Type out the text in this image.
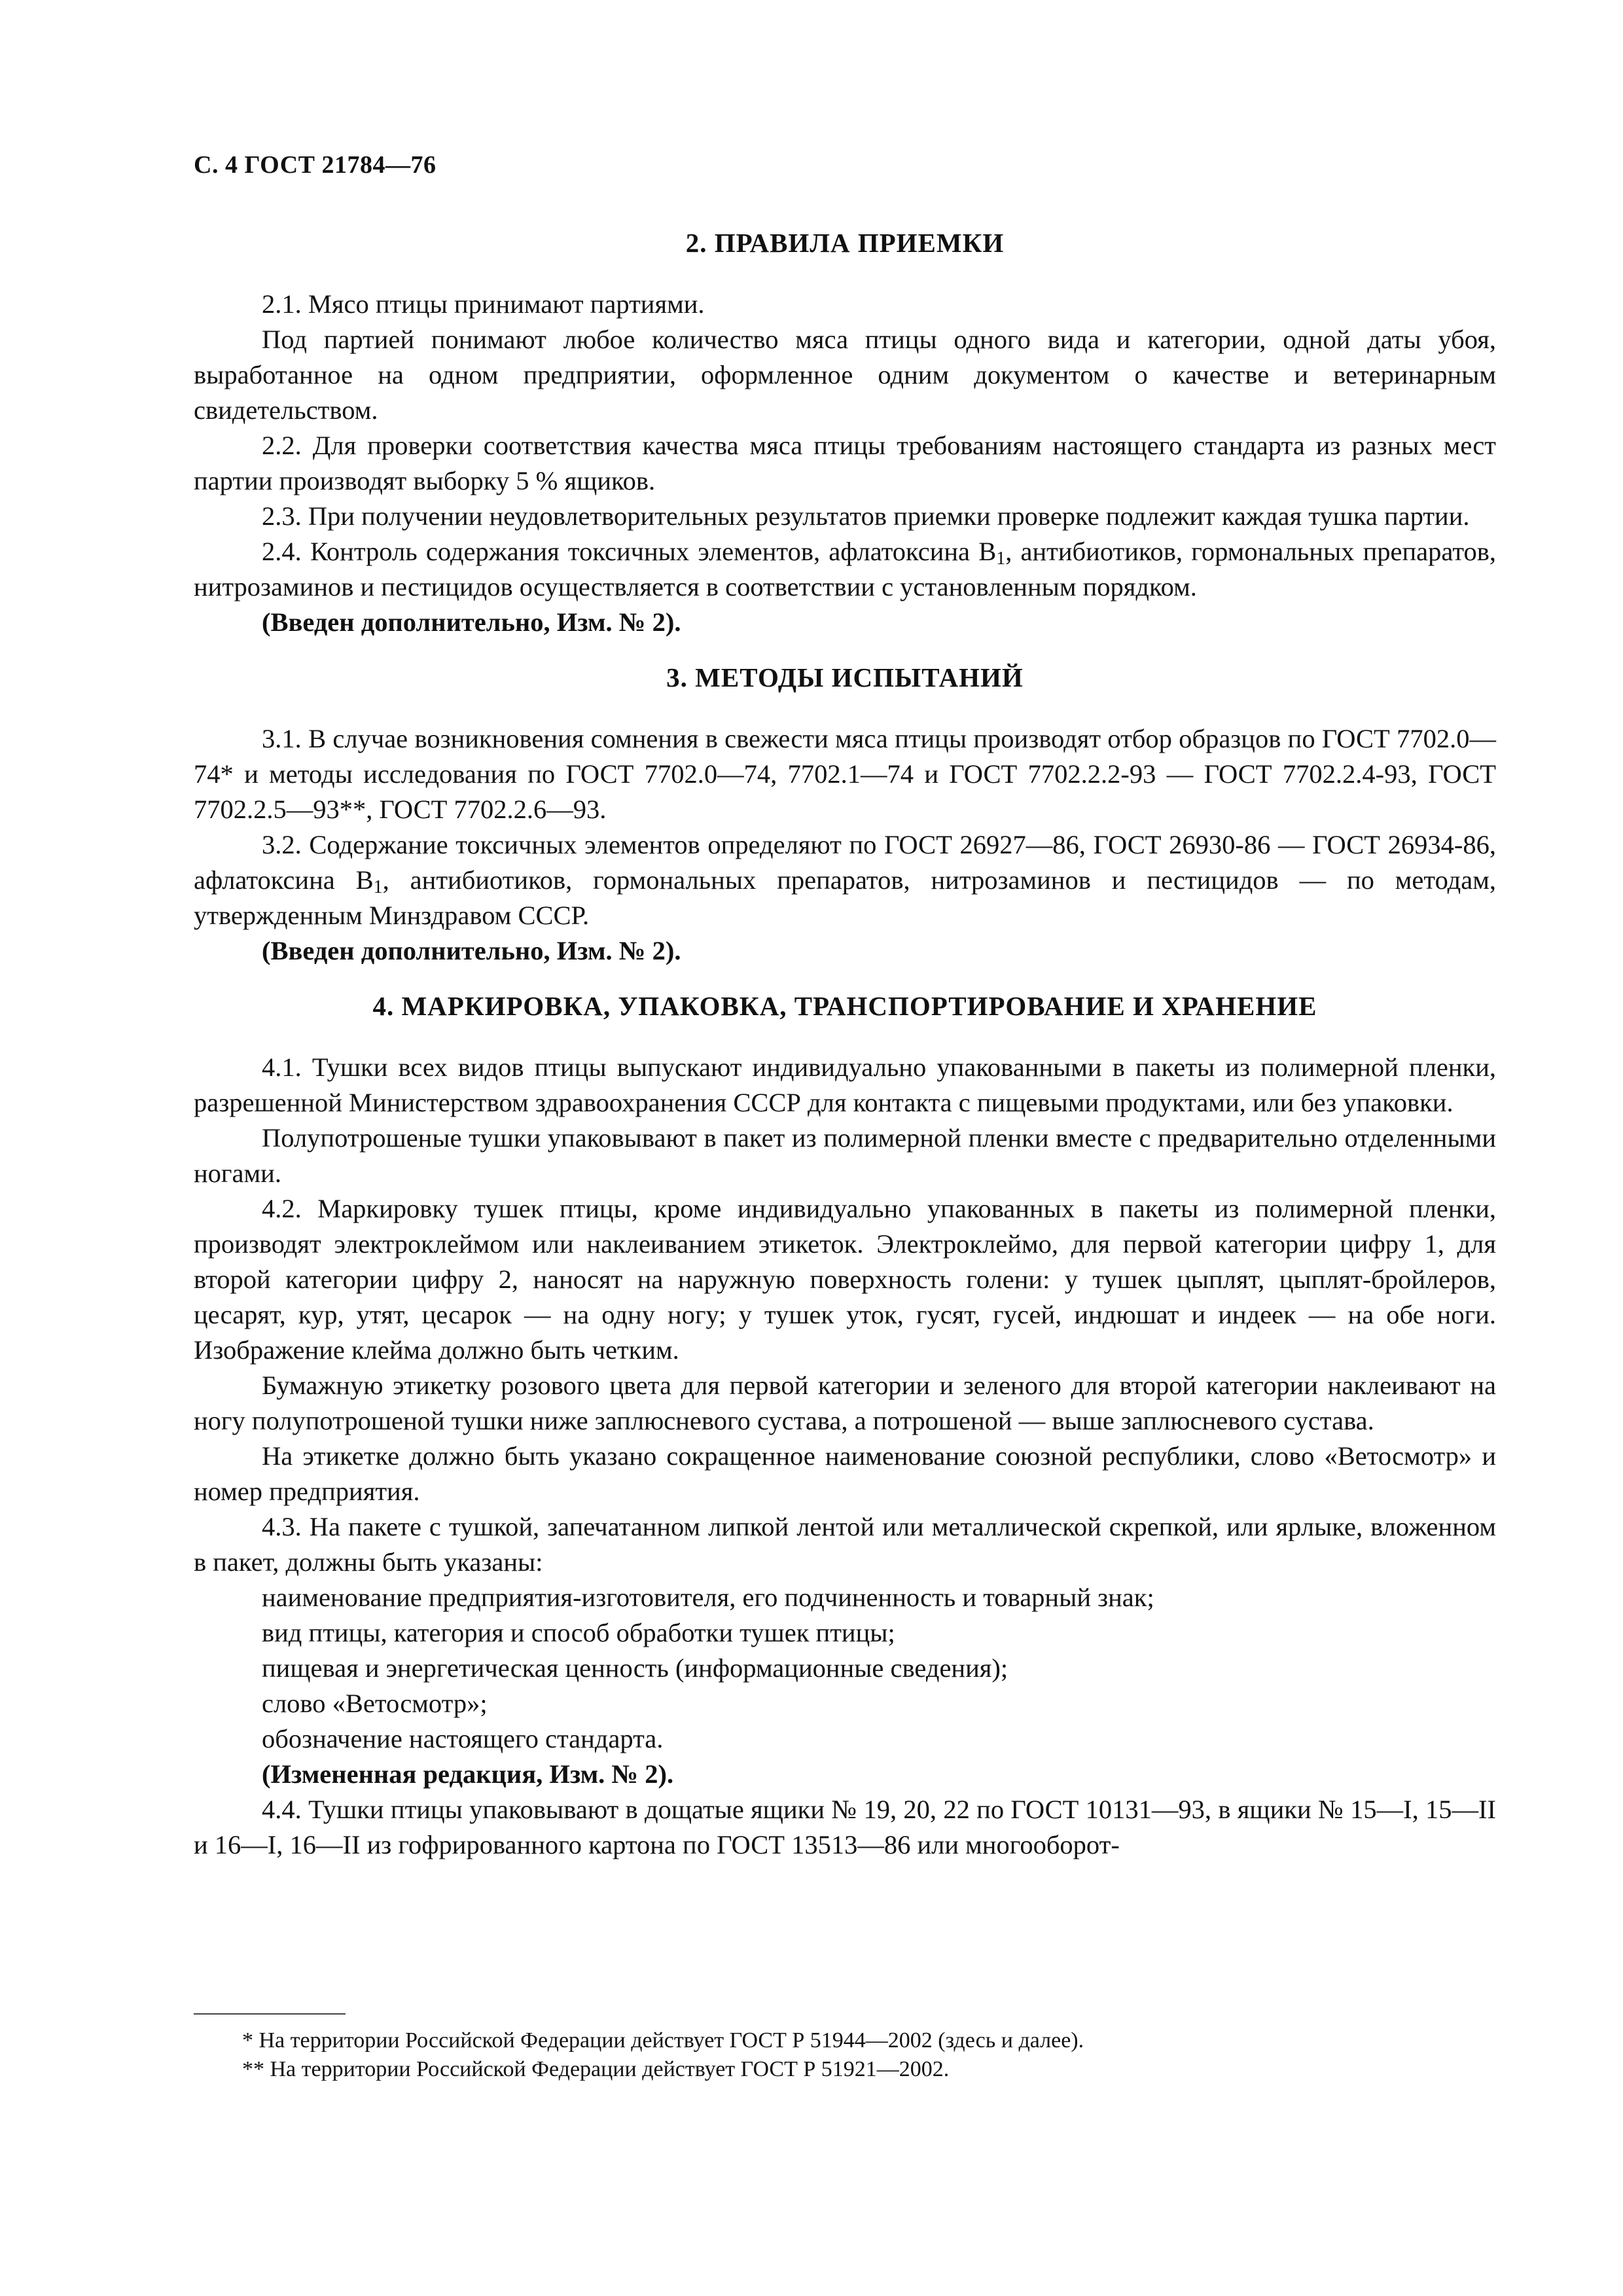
С. 4 ГОСТ 21784—76
2. ПРАВИЛА ПРИЕМКИ

2.1. Мясо птицы принимают партиями.

Под партией понимают любое количество мяса птицы одного вида и категории, одной даты убоя, выработанное на одном предприятии, оформленное одним документом о качестве и ветеринарным свидетельством.

2.2. Для проверки соответствия качества мяса птицы требованиям настоящего стандарта из разных мест партии производят выборку 5 % ящиков.

2.3. При получении неудовлетворительных результатов приемки проверке подлежит каждая тушка партии.

2.4. Контроль содержания токсичных элементов, афлатоксина $В_1$, антибиотиков, гормональных препаратов, нитрозаминов и пестицидов осуществляется в соответствии с установленным порядком.

(Введен дополнительно, Изм. № 2).

3. МЕТОДЫ ИСПЫТАНИЙ

3.1. В случае возникновения сомнения в свежести мяса птицы производят отбор образцов по ГОСТ 7702.0—74* и методы исследования по ГОСТ 7702.0—74, 7702.1—74 и ГОСТ 7702.2.2-93 — ГОСТ 7702.2.4-93, ГОСТ 7702.2.5—93**, ГОСТ 7702.2.6—93.

3.2. Содержание токсичных элементов определяют по ГОСТ 26927—86, ГОСТ 26930-86 — ГОСТ 26934-86, афлатоксина $В_1$, антибиотиков, гормональных препаратов, нитрозаминов и пестицидов — по методам, утвержденным Минздравом СССР.

(Введен дополнительно, Изм. № 2).

4. МАРКИРОВКА, УПАКОВКА, ТРАНСПОРТИРОВАНИЕ И ХРАНЕНИЕ

4.1. Тушки всех видов птицы выпускают индивидуально упакованными в пакеты из полимерной пленки, разрешенной Министерством здравоохранения СССР для контакта с пищевыми продуктами, или без упаковки.

Полупотрошеные тушки упаковывают в пакет из полимерной пленки вместе с предварительно отделенными ногами.

4.2. Маркировку тушек птицы, кроме индивидуально упакованных в пакеты из полимерной пленки, производят электроклеймом или наклеиванием этикеток. Электроклеймо, для первой категории цифру 1, для второй категории цифру 2, наносят на наружную поверхность голени: у тушек цыплят, цыплят-бройлеров, цесарят, кур, утят, цесарок — на одну ногу; у тушек уток, гусят, гусей, индюшат и индеек — на обе ноги. Изображение клейма должно быть четким.

Бумажную этикетку розового цвета для первой категории и зеленого для второй категории наклеивают на ногу полупотрошеной тушки ниже заплюсневого сустава, а потрошеной — выше заплюсневого сустава.

На этикетке должно быть указано сокращенное наименование союзной республики, слово «Ветосмотр» и номер предприятия.

4.3. На пакете с тушкой, запечатанном липкой лентой или металлической скрепкой, или ярлыке, вложенном в пакет, должны быть указаны:

наименование предприятия-изготовителя, его подчиненность и товарный знак;

вид птицы, категория и способ обработки тушек птицы;

пищевая и энергетическая ценность (информационные сведения);

слово «Ветосмотр»;

обозначение настоящего стандарта.

(Измененная редакция, Изм. № 2).

4.4. Тушки птицы упаковывают в дощатые ящики № 19, 20, 22 по ГОСТ 10131—93, в ящики № 15—I, 15—II и 16—I, 16—II из гофрированного картона по ГОСТ 13513—86 или многооборот-

* На территории Российской Федерации действует ГОСТ Р 51944—2002 (здесь и далее).

** На территории Российской Федерации действует ГОСТ Р 51921—2002.
